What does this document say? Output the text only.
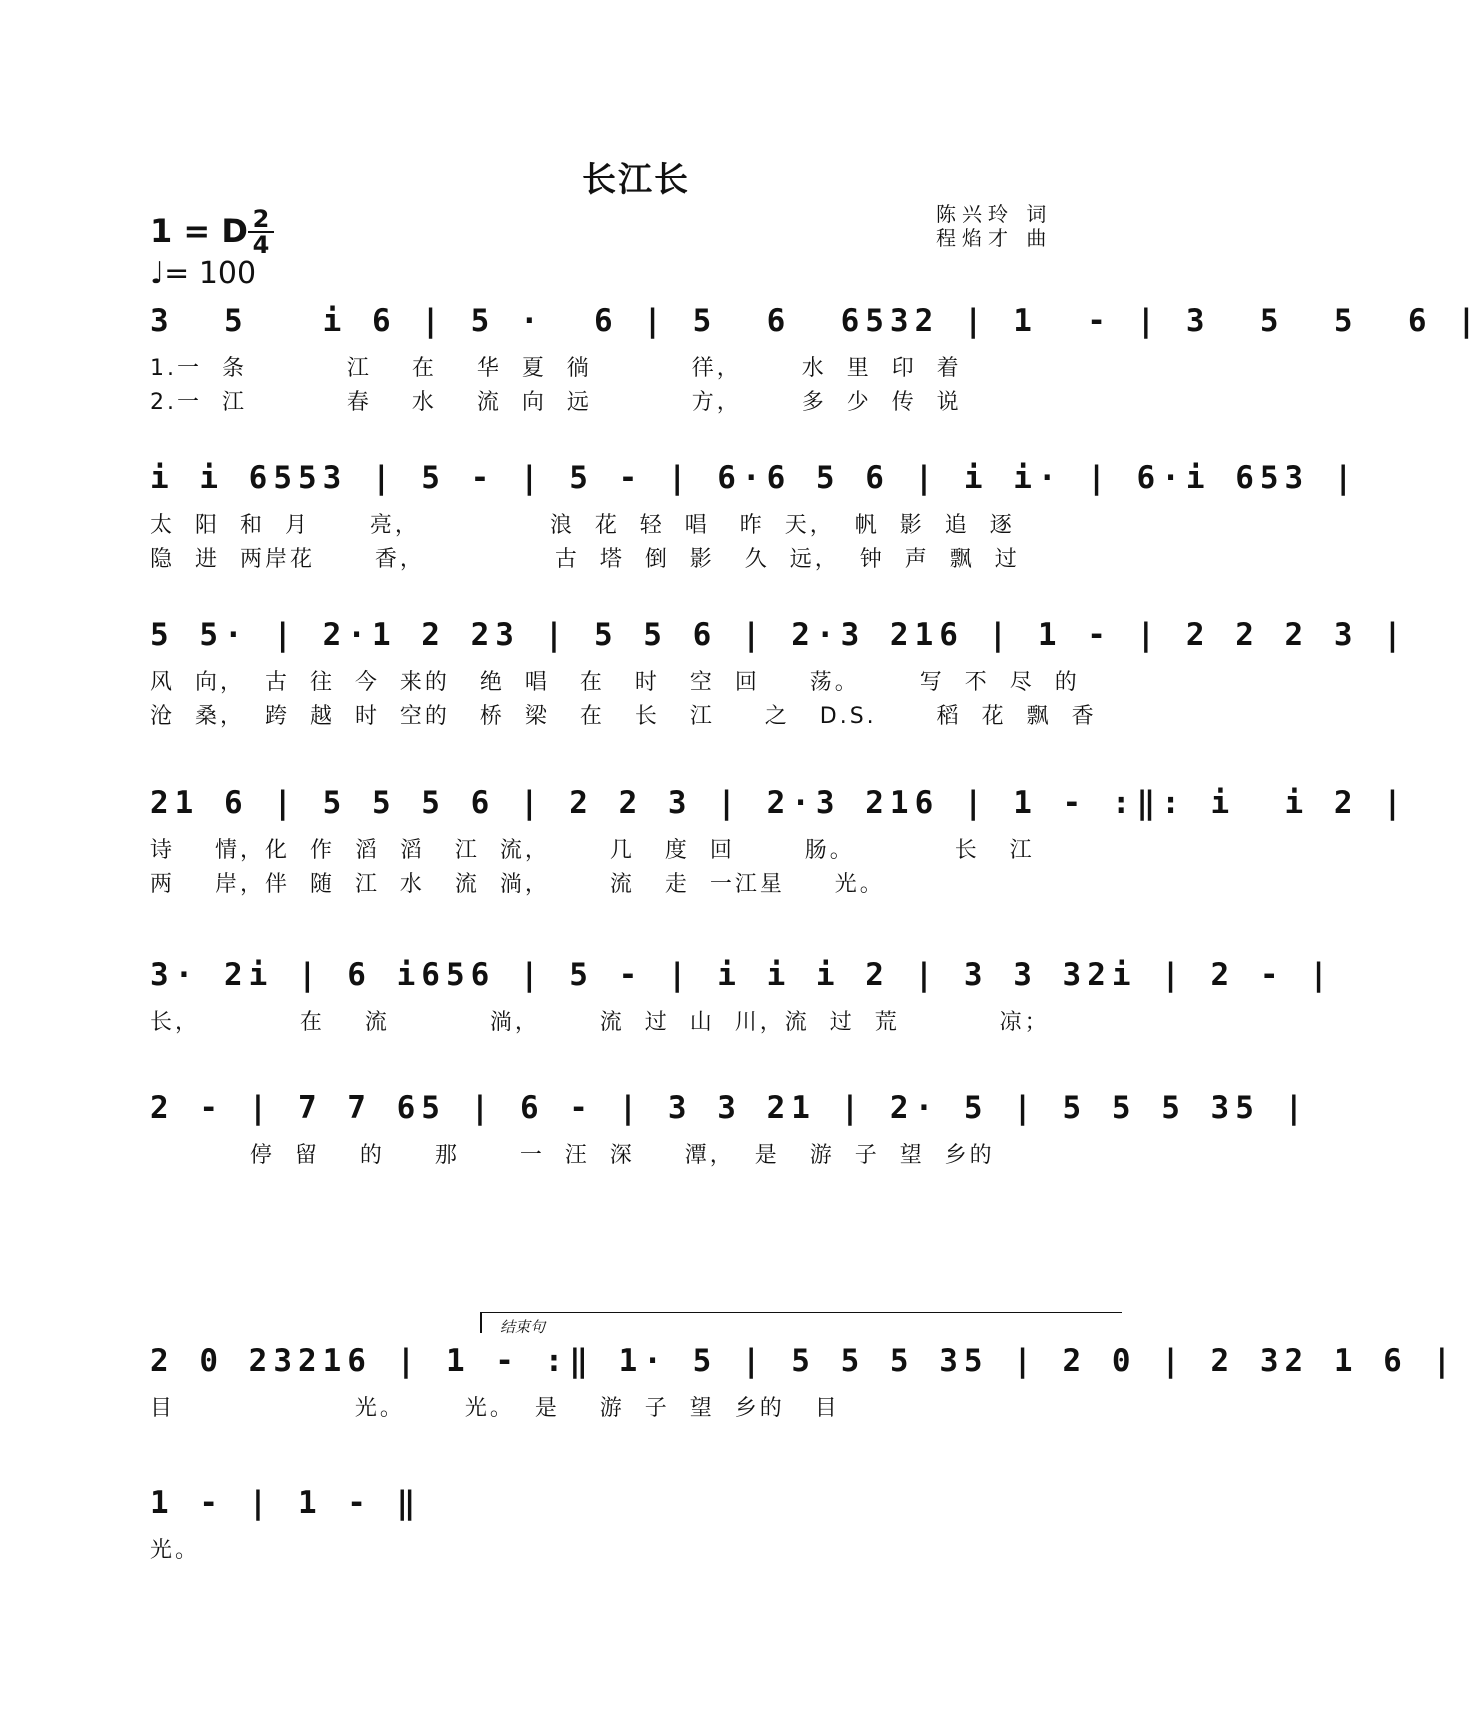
长江长
陈兴玲 词
程焰才 曲
1 = D 2
4
♩= 100
3  5   i 6 | 5 ·  6 | 5  6  6532 | 1  - | 3  5  5  6 |
1.一  条          江    在    华  夏  徜          徉，      水  里  印  着
2.一  江          春    水    流  向  远          方，      多  少  传  说
i i 6553 | 5 - | 5 - | 6·6 5 6 | i i· | 6·i 653 |
太  阳  和  月      亮，             浪  花  轻  唱   昨  天，  帆  影  追  逐
隐  进  两岸花      香，             古  塔  倒  影   久  远，  钟  声  飘  过
5 5· | 2·1 2 23 | 5 5 6 | 2·3 216 | 1 - | 2 2 2 3 |
风  向，  古  往  今  来的   绝  唱   在   时   空  回     荡。      写  不  尽  的
沧  桑，  跨  越  时  空的   桥  梁   在   长   江     之   D.S.      稻  花  飘  香
21 6 | 5 5 5 6 | 2 2 3 | 2·3 216 | 1 - :‖: i  i 2 |
诗    情，化  作  滔  滔   江  流，      几   度  回       肠。          长   江
两    岸，伴  随  江  水   流  淌，      流   走  一江星     光。
3· 2i | 6 i656 | 5 - | i i i 2 | 3 3 32i | 2 - |
长，          在    流          淌，      流  过  山  川，流  过  荒          凉；
2 - | 7 7 65 | 6 - | 3 3 21 | 2· 5 | 5 5 5 35 |
停  留    的     那      一  汪  深     潭，  是   游  子  望  乡的
结束句
2 0 23216 | 1 - :‖ 1· 5 | 5 5 5 35 | 2 0 | 2 32 1 6 |
目                  光。      光。  是    游  子  望  乡的   目
1 - | 1 - ‖
光。
